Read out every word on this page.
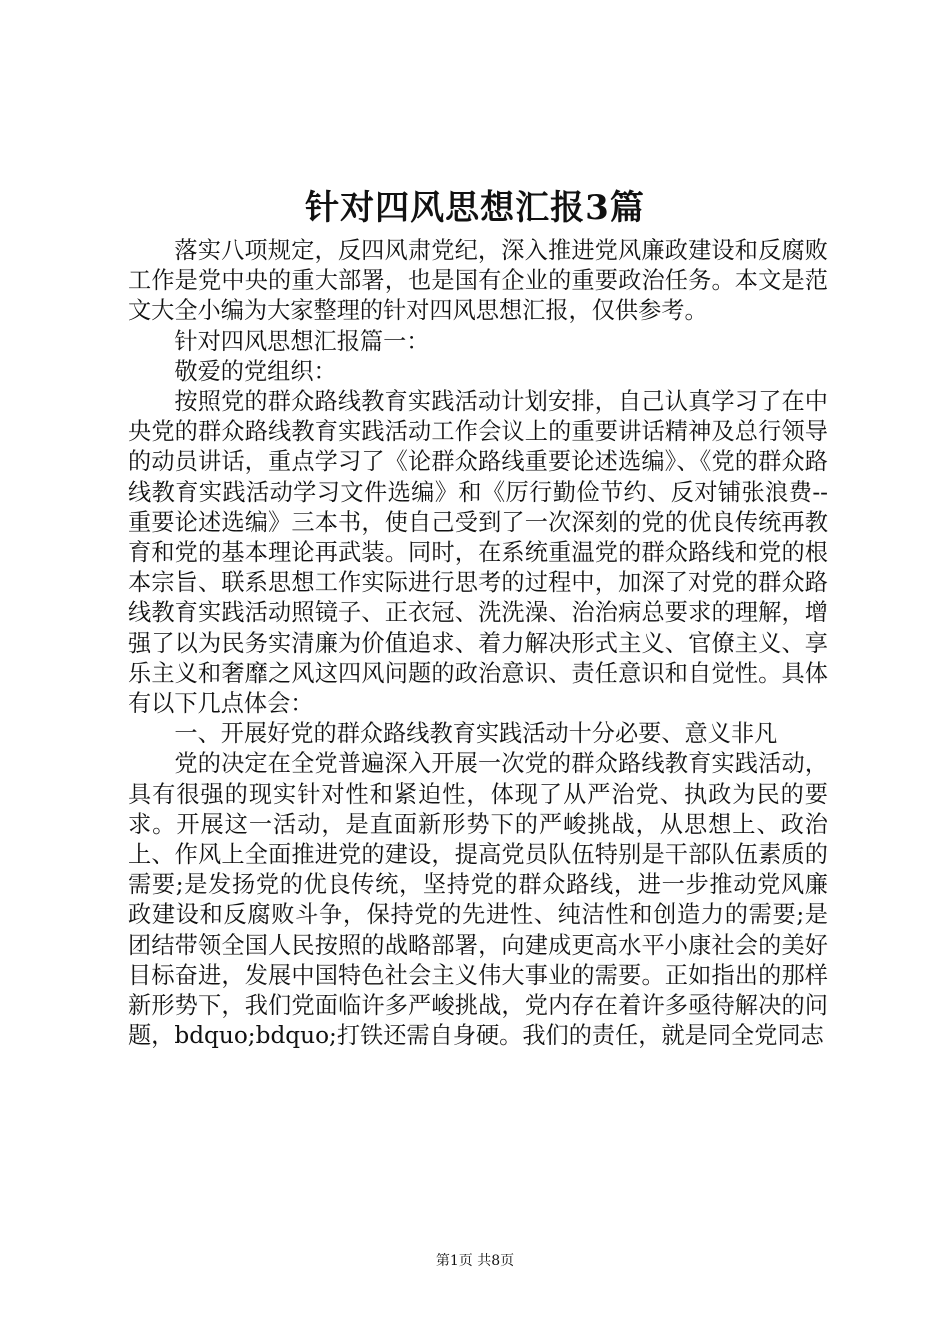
针对四风思想汇报3篇

落实八项规定，反四风肃党纪，深入推进党风廉政建设和反腐败工作是党中央的重大部署，也是国有企业的重要政治任务。本文是范文大全小编为大家整理的针对四风思想汇报，仅供参考。

针对四风思想汇报篇一：

敬爱的党组织：

按照党的群众路线教育实践活动计划安排，自己认真学习了在中央党的群众路线教育实践活动工作会议上的重要讲话精神及总行领导的动员讲话，重点学习了《论群众路线重要论述选编》、《党的群众路线教育实践活动学习文件选编》和《厉行勤俭节约、反对铺张浪费--重要论述选编》三本书，使自己受到了一次深刻的党的优良传统再教育和党的基本理论再武装。同时，在系统重温党的群众路线和党的根本宗旨、联系思想工作实际进行思考的过程中，加深了对党的群众路线教育实践活动照镜子、正衣冠、洗洗澡、治治病总要求的理解，增强了以为民务实清廉为价值追求、着力解决形式主义、官僚主义、享乐主义和奢靡之风这四风问题的政治意识、责任意识和自觉性。具体有以下几点体会：

一、开展好党的群众路线教育实践活动十分必要、意义非凡

党的决定在全党普遍深入开展一次党的群众路线教育实践活动，具有很强的现实针对性和紧迫性，体现了从严治党、执政为民的要求。开展这一活动，是直面新形势下的严峻挑战，从思想上、政治上、作风上全面推进党的建设，提高党员队伍特别是干部队伍素质的需要;是发扬党的优良传统，坚持党的群众路线，进一步推动党风廉政建设和反腐败斗争，保持党的先进性、纯洁性和创造力的需要;是团结带领全国人民按照的战略部署，向建成更高水平小康社会的美好目标奋进，发展中国特色社会主义伟大事业的需要。正如指出的那样新形势下，我们党面临许多严峻挑战，党内存在着许多亟待解决的问题，bdquo;bdquo;打铁还需自身硬。我们的责任，就是同全党同志

第1页 共8页
